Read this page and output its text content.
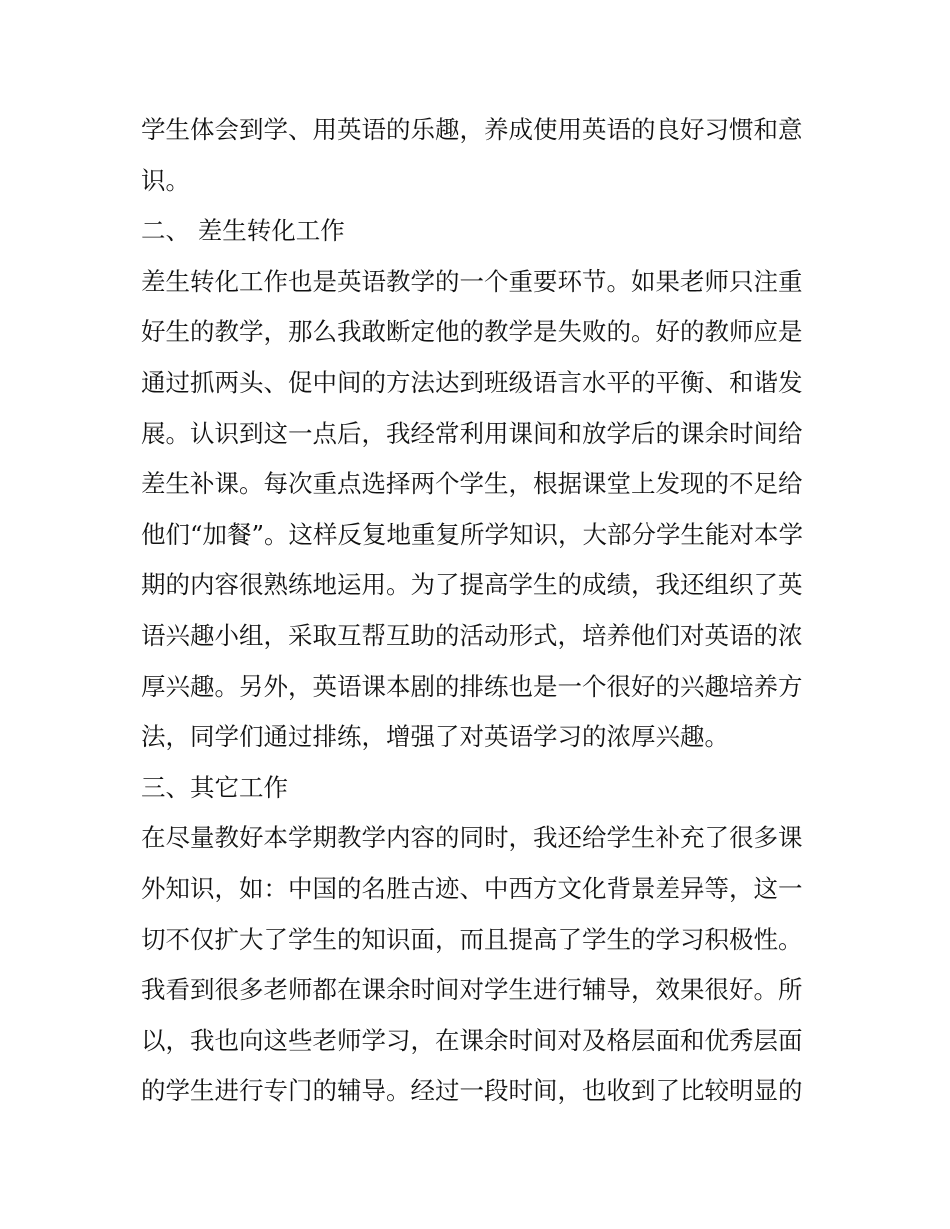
学生体会到学、用英语的乐趣，养成使用英语的良好习惯和意
识。
二、 差生转化工作
差生转化工作也是英语教学的一个重要环节。如果老师只注重
好生的教学，那么我敢断定他的教学是失败的。好的教师应是
通过抓两头、促中间的方法达到班级语言水平的平衡、和谐发
展。认识到这一点后，我经常利用课间和放学后的课余时间给
差生补课。每次重点选择两个学生，根据课堂上发现的不足给
他们“加餐”。这样反复地重复所学知识，大部分学生能对本学
期的内容很熟练地运用。为了提高学生的成绩，我还组织了英
语兴趣小组，采取互帮互助的活动形式，培养他们对英语的浓
厚兴趣。另外，英语课本剧的排练也是一个很好的兴趣培养方
法，同学们通过排练，增强了对英语学习的浓厚兴趣。
三、其它工作
在尽量教好本学期教学内容的同时，我还给学生补充了很多课
外知识，如：中国的名胜古迹、中西方文化背景差异等，这一
切不仅扩大了学生的知识面，而且提高了学生的学习积极性。
我看到很多老师都在课余时间对学生进行辅导，效果很好。所
以，我也向这些老师学习，在课余时间对及格层面和优秀层面
的学生进行专门的辅导。经过一段时间，也收到了比较明显的
